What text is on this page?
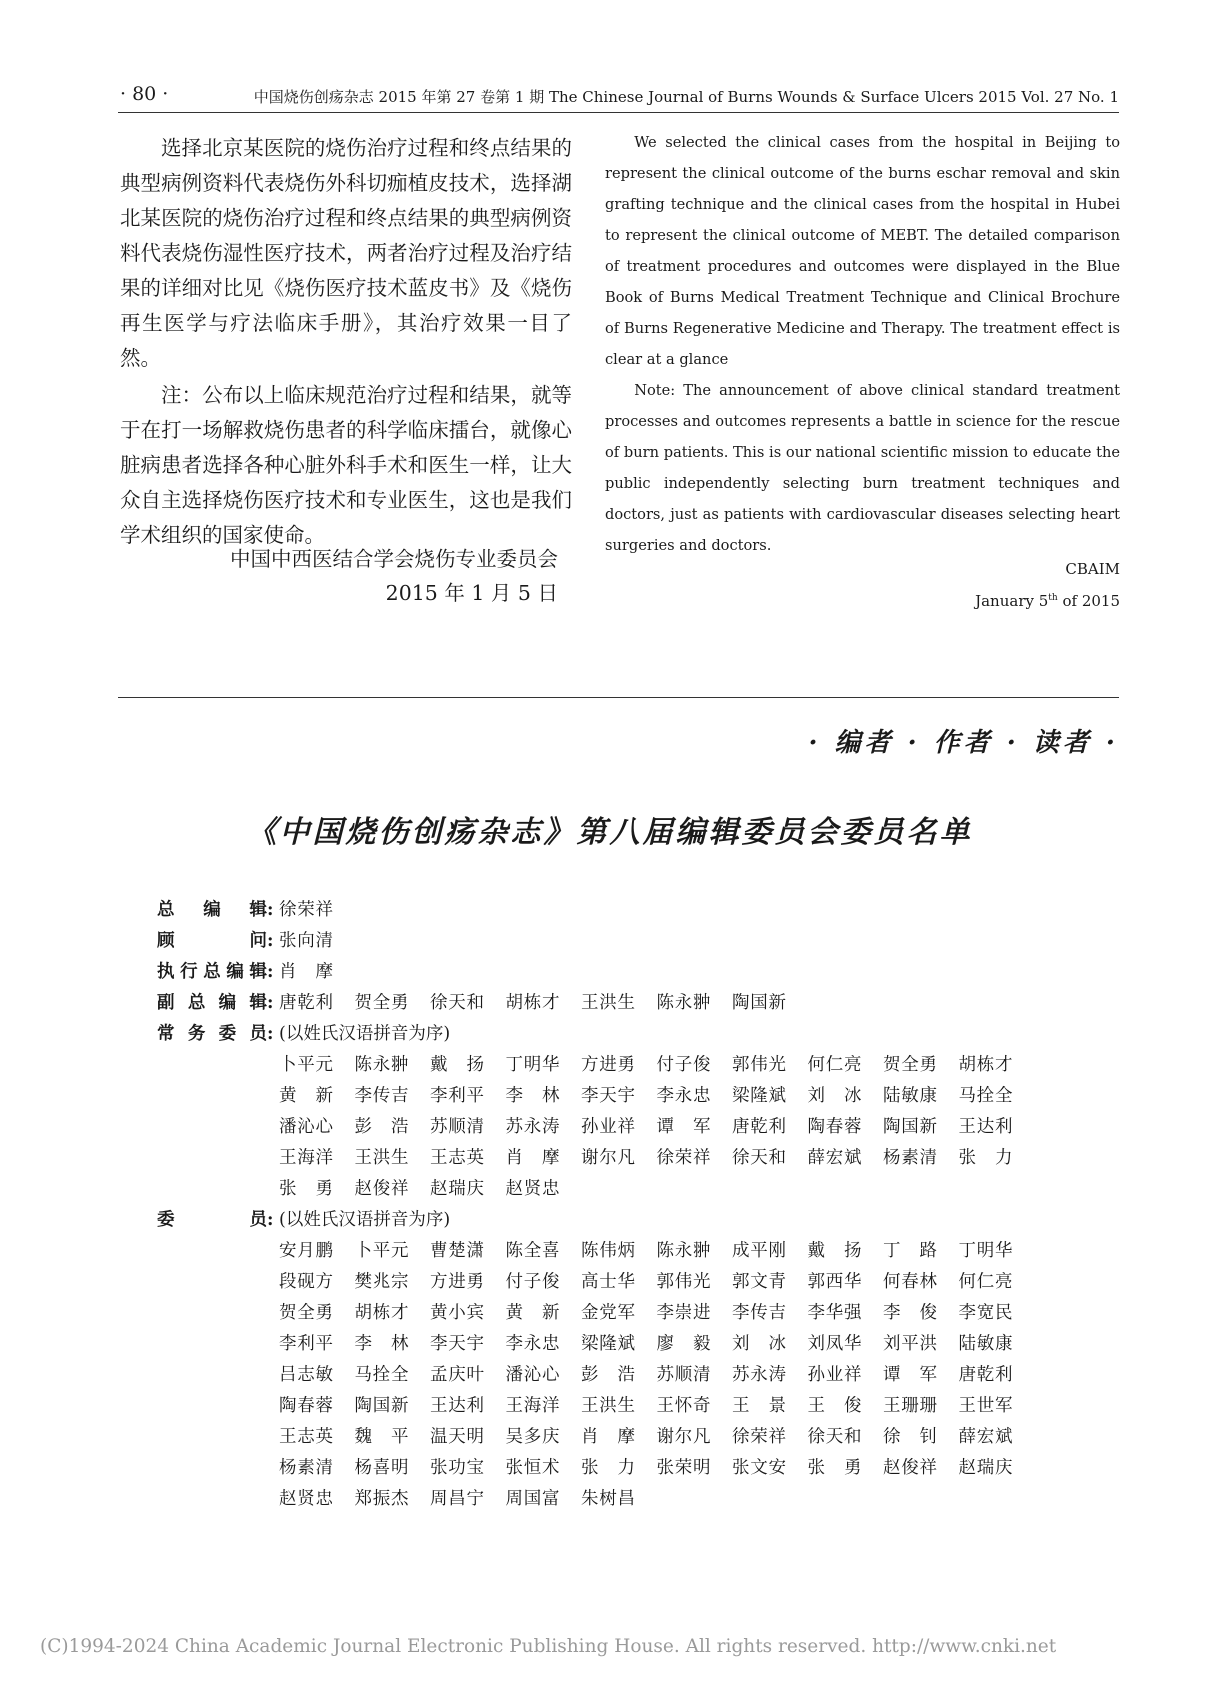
· 80 ·	中国烧伤创疡杂志 2015 年第 27 卷第 1 期 The Chinese Journal of Burns Wounds & Surface Ulcers 2015 Vol. 27 No. 1

选择北京某医院的烧伤治疗过程和终点结果的典型病例资料代表烧伤外科切痂植皮技术，选择湖北某医院的烧伤治疗过程和终点结果的典型病例资料代表烧伤湿性医疗技术，两者治疗过程及治疗结果的详细对比见《烧伤医疗技术蓝皮书》及《烧伤再生医学与疗法临床手册》，其治疗效果一目了然。

注：公布以上临床规范治疗过程和结果，就等于在打一场解救烧伤患者的科学临床擂台，就像心脏病患者选择各种心脏外科手术和医生一样，让大众自主选择烧伤医疗技术和专业医生，这也是我们学术组织的国家使命。

中国中西医结合学会烧伤专业委员会
2015 年 1 月 5 日

We selected the clinical cases from the hospital in Beijing to represent the clinical outcome of the burns eschar removal and skin grafting technique and the clinical cases from the hospital in Hubei to represent the clinical outcome of MEBT. The detailed comparison of treatment procedures and outcomes were displayed in the Blue Book of Burns Medical Treatment Technique and Clinical Brochure of Burns Regenerative Medicine and Therapy. The treatment effect is clear at a glance

Note: The announcement of above clinical standard treatment processes and outcomes represents a battle in science for the rescue of burn patients. This is our national scientific mission to educate the public independently selecting burn treatment techniques and doctors, just as patients with cardiovascular diseases selecting heart surgeries and doctors.

CBAIM
January 5th of 2015
· 编者 · 作者 · 读者 ·
《中国烧伤创疡杂志》第八届编辑委员会委员名单
总编辑 : 徐荣祥
顾问 : 张向清
执行总编辑 : 肖摩
副总编辑 : 唐乾利 贺全勇 徐天和 胡栋才 王洪生 陈永翀 陶国新
常务委员 : (以姓氏汉语拼音为序)
卜平元 陈永翀 戴扬 丁明华 方进勇 付子俊 郭伟光 何仁亮 贺全勇 胡栋才
黄新 李传吉 李利平 李林 李天宇 李永忠 梁隆斌 刘冰 陆敏康 马拴全
潘沁心 彭浩 苏顺清 苏永涛 孙业祥 谭军 唐乾利 陶春蓉 陶国新 王达利
王海洋 王洪生 王志英 肖摩 谢尔凡 徐荣祥 徐天和 薛宏斌 杨素清 张力
张勇 赵俊祥 赵瑞庆 赵贤忠
委员 : (以姓氏汉语拼音为序)
安月鹏 卜平元 曹楚潇 陈全喜 陈伟炳 陈永翀 成平刚 戴扬 丁路 丁明华
段砚方 樊兆宗 方进勇 付子俊 高士华 郭伟光 郭文青 郭西华 何春林 何仁亮
贺全勇 胡栋才 黄小宾 黄新 金党军 李崇进 李传吉 李华强 李俊 李宽民
李利平 李林 李天宇 李永忠 梁隆斌 廖毅 刘冰 刘凤华 刘平洪 陆敏康
吕志敏 马拴全 孟庆叶 潘沁心 彭浩 苏顺清 苏永涛 孙业祥 谭军 唐乾利
陶春蓉 陶国新 王达利 王海洋 王洪生 王怀奇 王景 王俊 王珊珊 王世军
王志英 魏平 温天明 吴多庆 肖摩 谢尔凡 徐荣祥 徐天和 徐钊 薛宏斌
杨素清 杨喜明 张功宝 张恒术 张力 张荣明 张文安 张勇 赵俊祥 赵瑞庆
赵贤忠 郑振杰 周昌宁 周国富 朱树昌
(C)1994-2024 China Academic Journal Electronic Publishing House. All rights reserved. http://www.cnki.net
